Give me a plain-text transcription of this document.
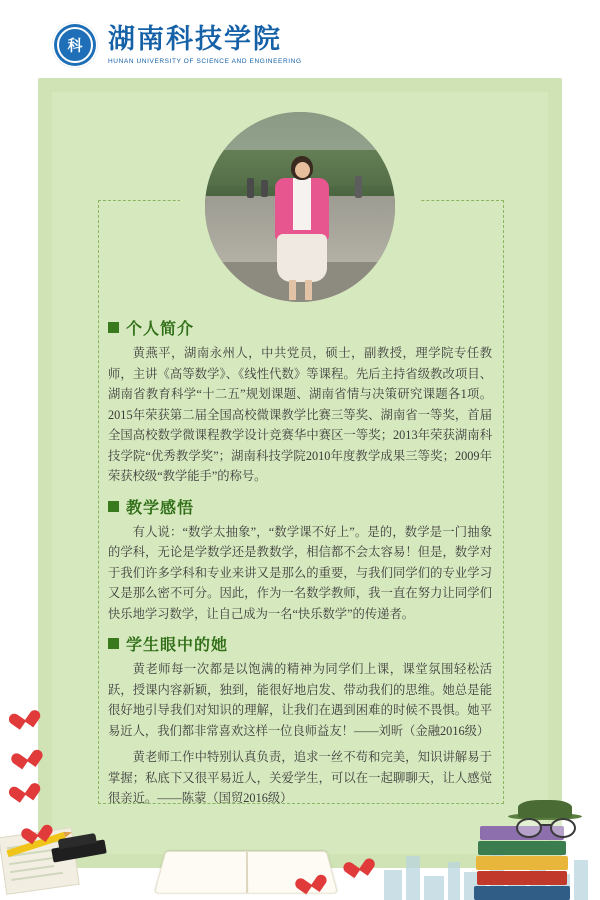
科 湖南科技学院
HUNAN UNIVERSITY OF SCIENCE AND ENGINEERING
个人简介

黄燕平，湖南永州人，中共党员，硕士，副教授，理学院专任教师，主讲《高等数学》、《线性代数》等课程。先后主持省级教改项目、湖南省教育科学“十二五”规划课题、湖南省情与决策研究课题各1项。2015年荣获第二届全国高校微课教学比赛三等奖、湖南省一等奖，首届全国高校数学微课程教学设计竞赛华中赛区一等奖；2013年荣获湖南科技学院“优秀教学奖”；湖南科技学院2010年度教学成果三等奖；2009年荣获校级“教学能手”的称号。

教学感悟

有人说：“数学太抽象”，“数学课不好上”。是的，数学是一门抽象的学科，无论是学数学还是教数学，相信都不会太容易！但是，数学对于我们许多学科和专业来讲又是那么的重要，与我们同学们的专业学习又是那么密不可分。因此，作为一名数学教师，我一直在努力让同学们快乐地学习数学，让自己成为一名“快乐数学”的传递者。

学生眼中的她

黄老师每一次都是以饱满的精神为同学们上课，课堂氛围轻松活跃，授课内容新颖，独到，能很好地启发、带动我们的思维。她总是能很好地引导我们对知识的理解，让我们在遇到困难的时候不畏惧。她平易近人，我们都非常喜欢这样一位良师益友！——刘昕（金融2016级）

黄老师工作中特别认真负责，追求一丝不苟和完美，知识讲解易于掌握；私底下又很平易近人，关爱学生，可以在一起聊聊天，让人感觉很亲近。——陈蒙（国贸2016级）
